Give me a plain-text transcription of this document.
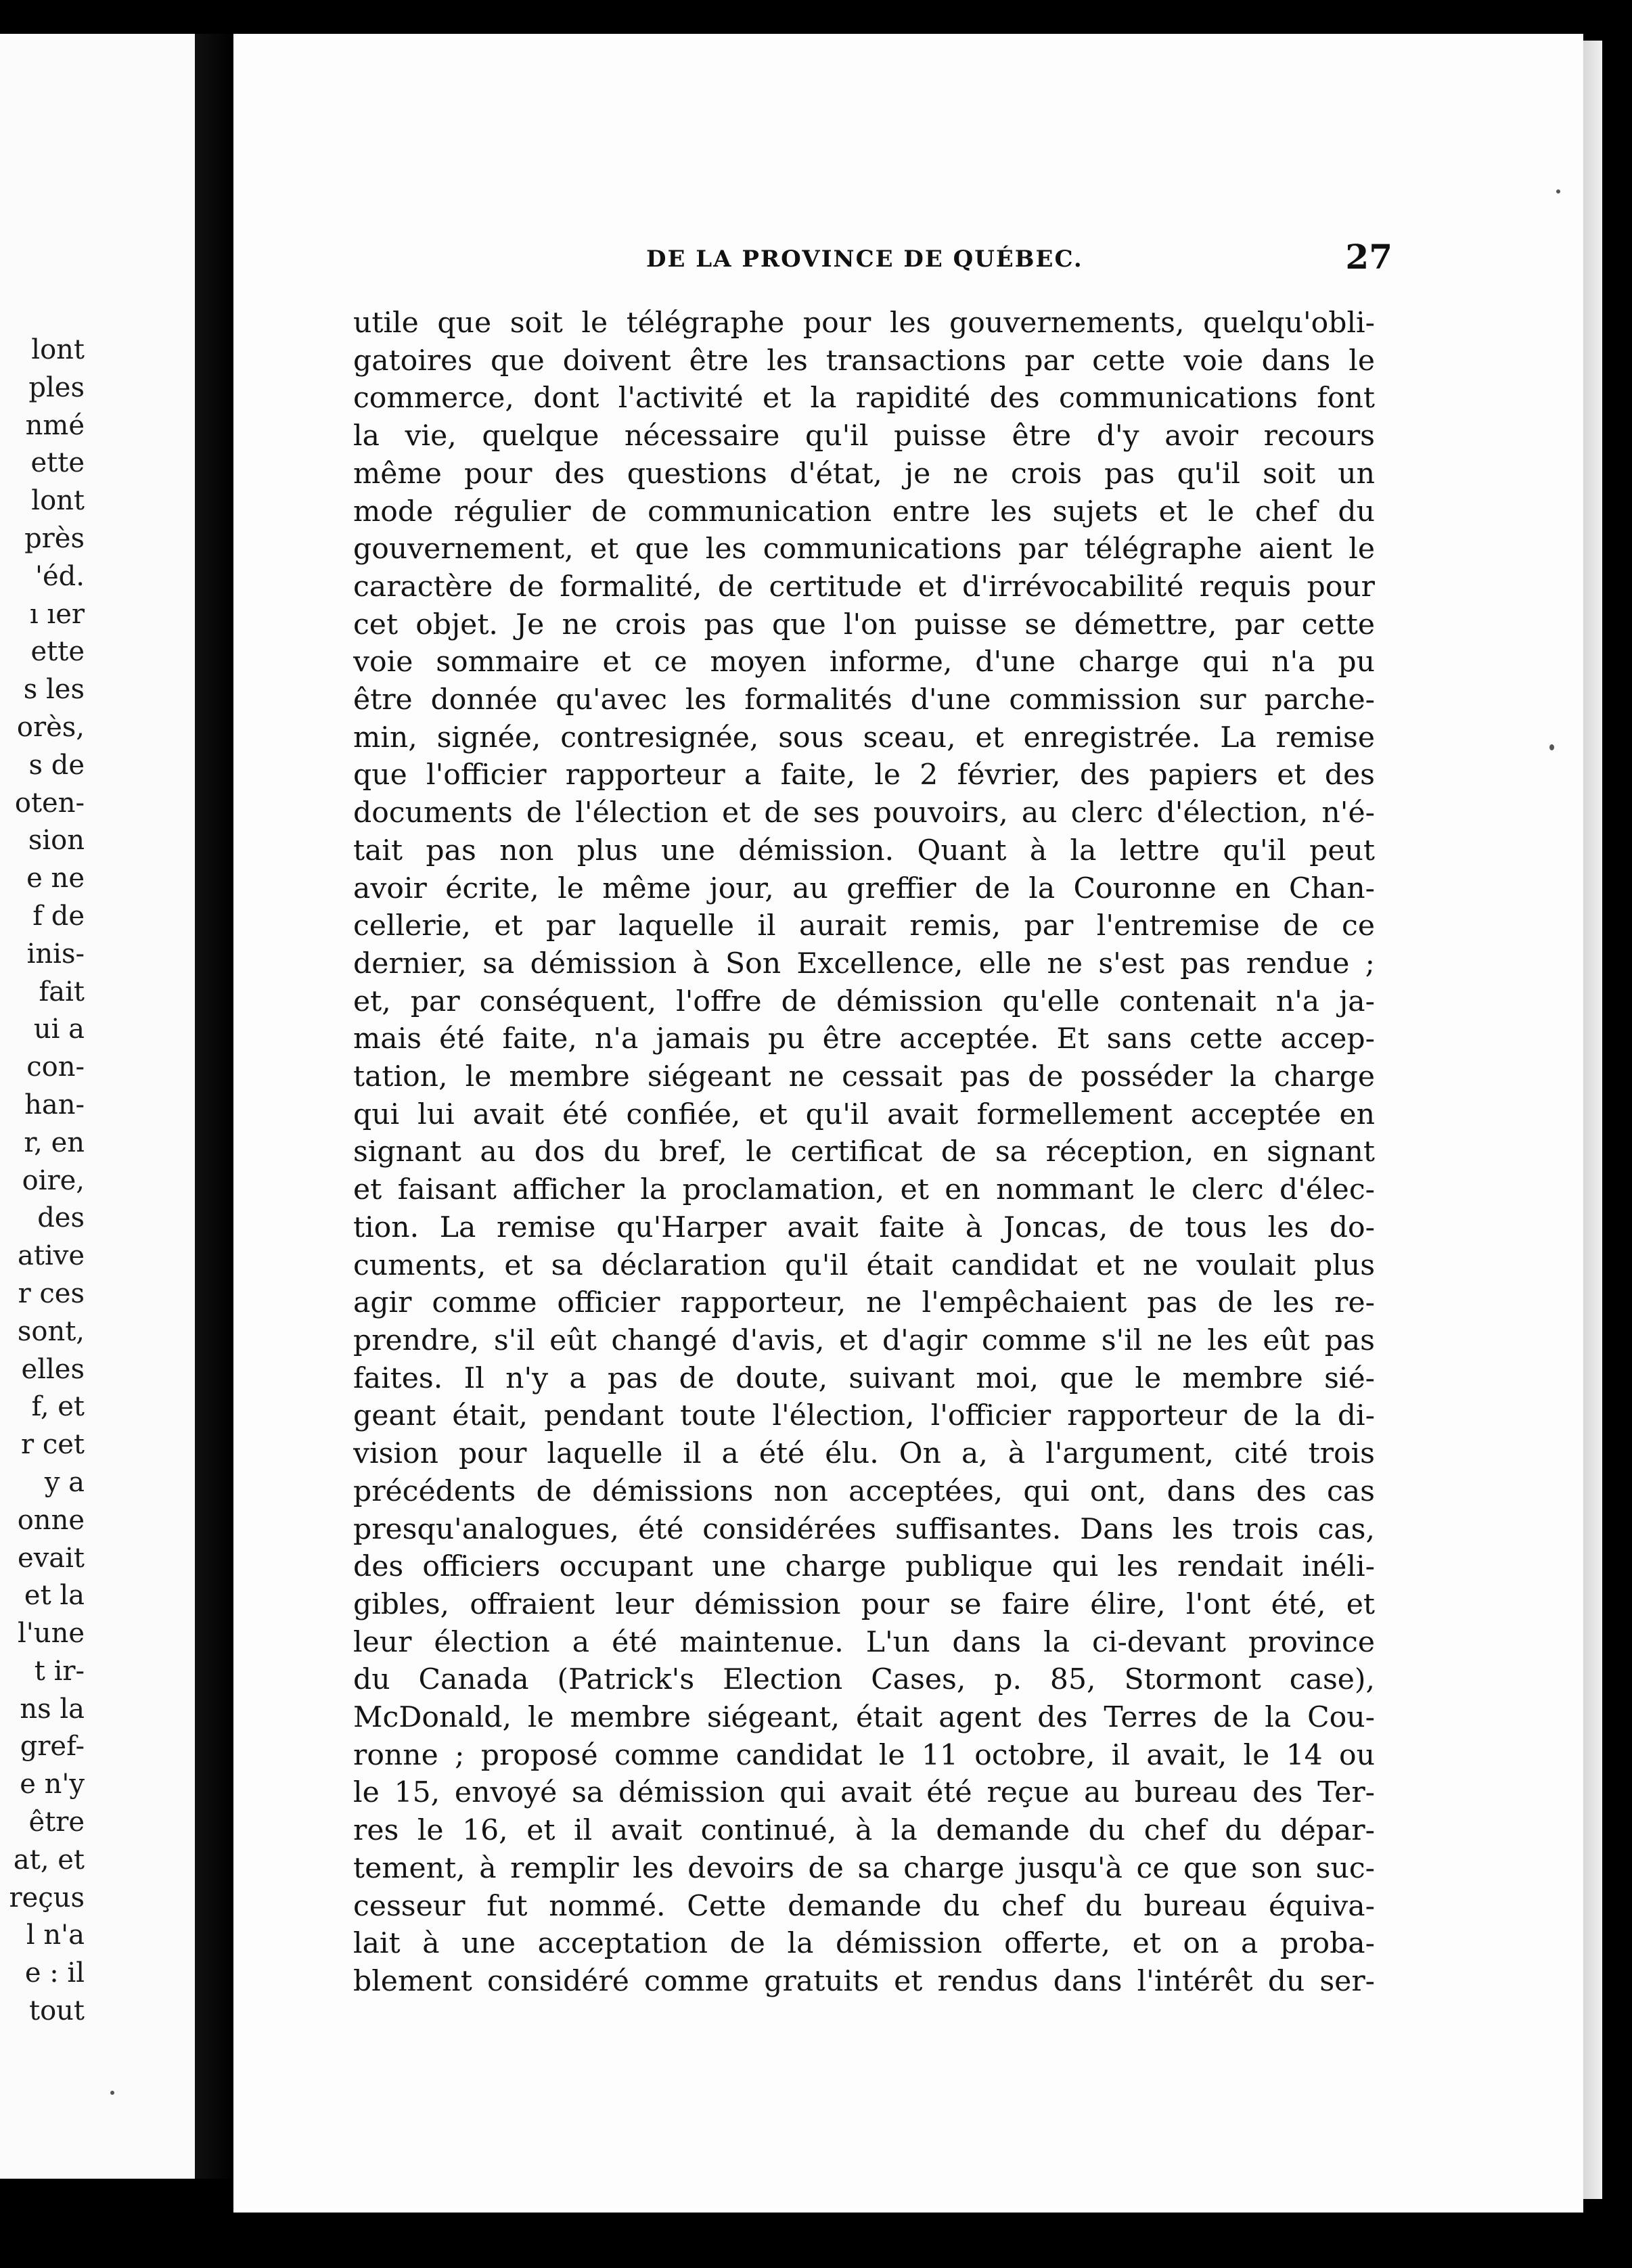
lont
ples
nmé
ette
lont
près
'éd.
ı ıer
ette
s les
orès,
s de
oten-
sion
e ne
f de
inis-
fait
ui a
con-
han-
r, en
oire,
des
ative
r ces
sont,
elles
f, et
r cet
y a
onne
evait
et la
l'une
t ir-
ns la
gref-
e n'y
être
at, et
reçus
l n'a
e : il
tout
DE LA PROVINCE DE QUÉBEC.	27
utile que soit le télégraphe pour les gouvernements, quelqu'obli-
gatoires que doivent être les transactions par cette voie dans le
commerce, dont l'activité et la rapidité des communications font
la vie, quelque nécessaire qu'il puisse être d'y avoir recours
même pour des questions d'état, je ne crois pas qu'il soit un
mode régulier de communication entre les sujets et le chef du
gouvernement, et que les communications par télégraphe aient le
caractère de formalité, de certitude et d'irrévocabilité requis pour
cet objet. Je ne crois pas que l'on puisse se démettre, par cette
voie sommaire et ce moyen informe, d'une charge qui n'a pu
être donnée qu'avec les formalités d'une commission sur parche-
min, signée, contresignée, sous sceau, et enregistrée. La remise
que l'officier rapporteur a faite, le 2 février, des papiers et des
documents de l'élection et de ses pouvoirs, au clerc d'élection, n'é-
tait pas non plus une démission. Quant à la lettre qu'il peut
avoir écrite, le même jour, au greffier de la Couronne en Chan-
cellerie, et par laquelle il aurait remis, par l'entremise de ce
dernier, sa démission à Son Excellence, elle ne s'est pas rendue ;
et, par conséquent, l'offre de démission qu'elle contenait n'a ja-
mais été faite, n'a jamais pu être acceptée. Et sans cette accep-
tation, le membre siégeant ne cessait pas de posséder la charge
qui lui avait été confiée, et qu'il avait formellement acceptée en
signant au dos du bref, le certificat de sa réception, en signant
et faisant afficher la proclamation, et en nommant le clerc d'élec-
tion. La remise qu'Harper avait faite à Joncas, de tous les do-
cuments, et sa déclaration qu'il était candidat et ne voulait plus
agir comme officier rapporteur, ne l'empêchaient pas de les re-
prendre, s'il eût changé d'avis, et d'agir comme s'il ne les eût pas
faites. Il n'y a pas de doute, suivant moi, que le membre sié-
geant était, pendant toute l'élection, l'officier rapporteur de la di-
vision pour laquelle il a été élu. On a, à l'argument, cité trois
précédents de démissions non acceptées, qui ont, dans des cas
presqu'analogues, été considérées suffisantes. Dans les trois cas,
des officiers occupant une charge publique qui les rendait inéli-
gibles, offraient leur démission pour se faire élire, l'ont été, et
leur élection a été maintenue. L'un dans la ci-devant province
du Canada (Patrick's Election Cases, p. 85, Stormont case),
McDonald, le membre siégeant, était agent des Terres de la Cou-
ronne ; proposé comme candidat le 11 octobre, il avait, le 14 ou
le 15, envoyé sa démission qui avait été reçue au bureau des Ter-
res le 16, et il avait continué, à la demande du chef du dépar-
tement, à remplir les devoirs de sa charge jusqu'à ce que son suc-
cesseur fut nommé. Cette demande du chef du bureau équiva-
lait à une acceptation de la démission offerte, et on a proba-
blement considéré comme gratuits et rendus dans l'intérêt du ser-
